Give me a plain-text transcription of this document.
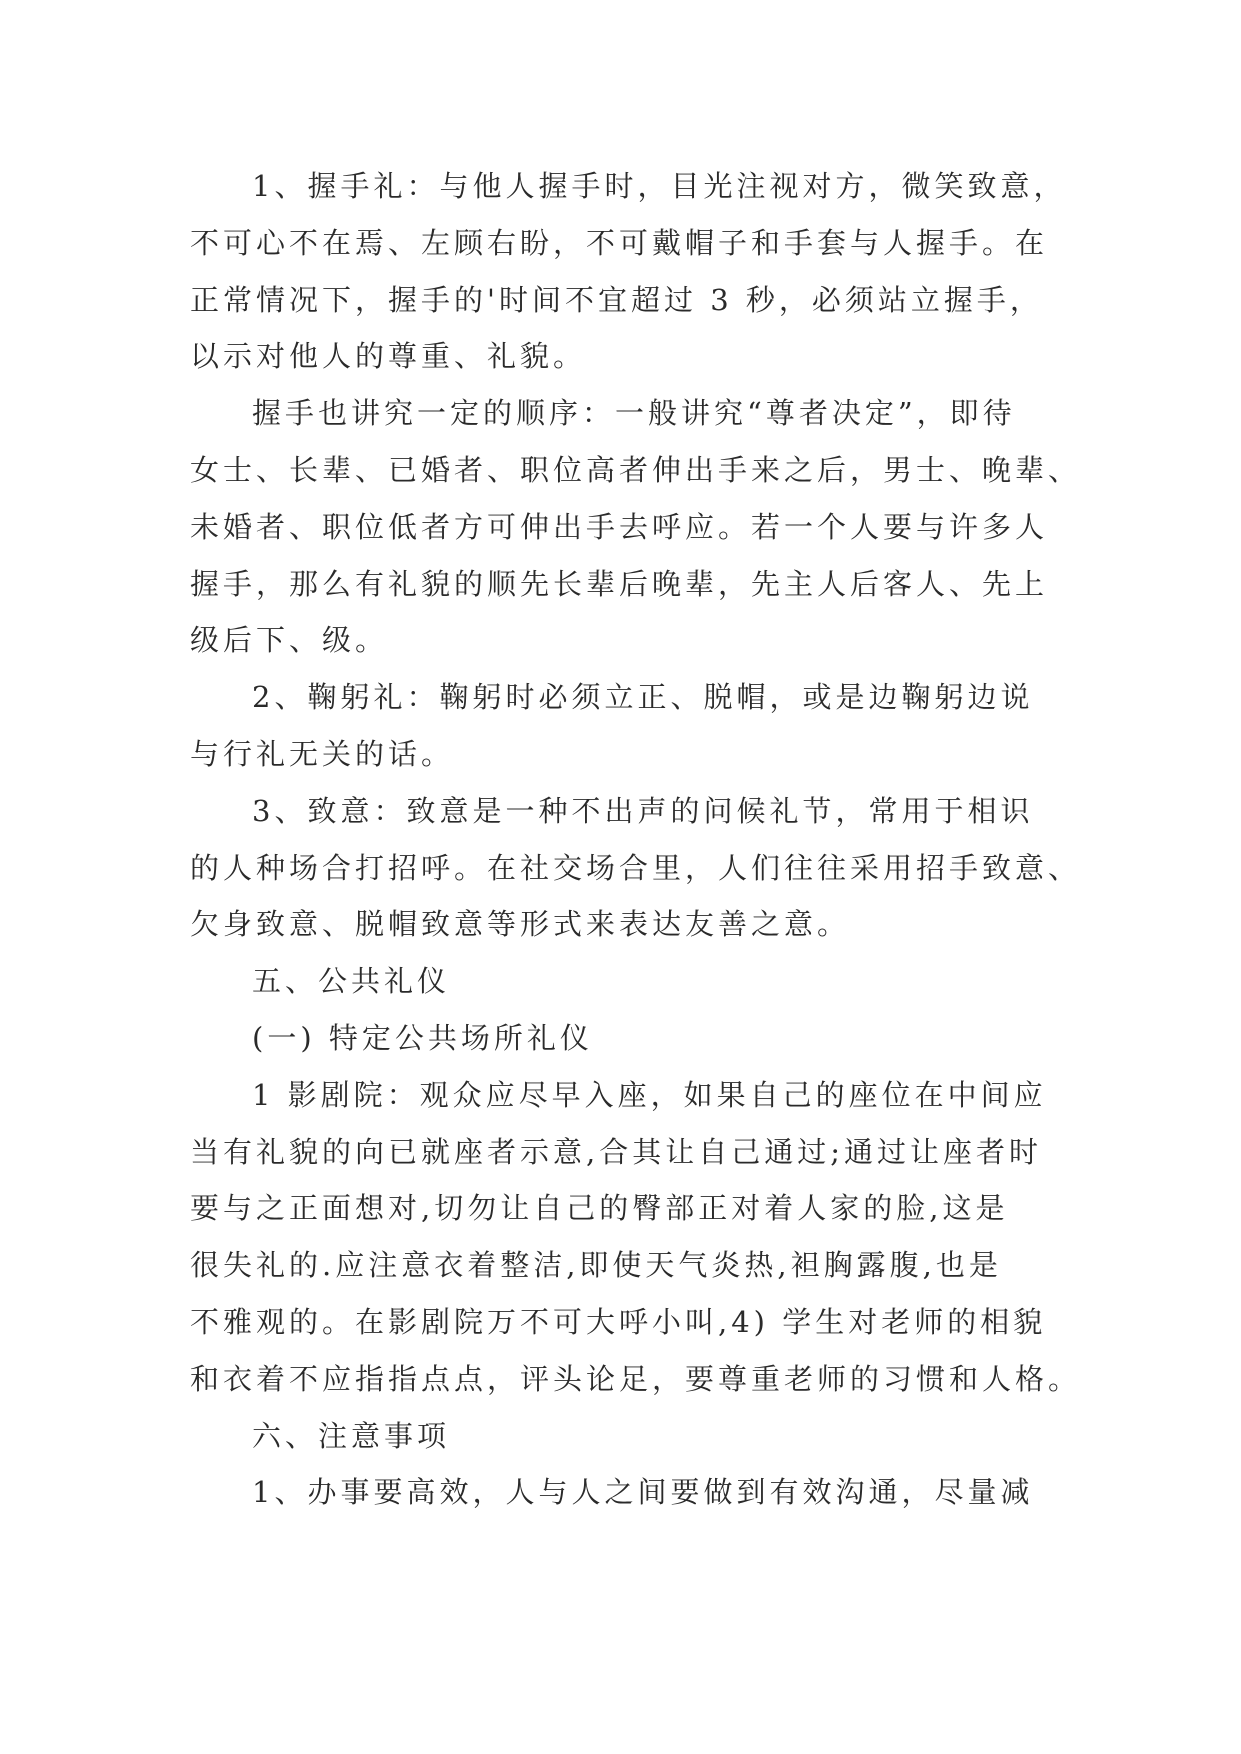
1、握手礼：与他人握手时，目光注视对方，微笑致意，
不可心不在焉、左顾右盼，不可戴帽子和手套与人握手。在
正常情况下，握手的'时间不宜超过 3 秒，必须站立握手，
以示对他人的尊重、礼貌。
握手也讲究一定的顺序：一般讲究“尊者决定”，即待
女士、长辈、已婚者、职位高者伸出手来之后，男士、晚辈、
未婚者、职位低者方可伸出手去呼应。若一个人要与许多人
握手，那么有礼貌的顺先长辈后晚辈，先主人后客人、先上
级后下、级。
2、鞠躬礼：鞠躬时必须立正、脱帽，或是边鞠躬边说
与行礼无关的话。
3、致意：致意是一种不出声的问候礼节，常用于相识
的人种场合打招呼。在社交场合里，人们往往采用招手致意、
欠身致意、脱帽致意等形式来表达友善之意。
五、公共礼仪
(一) 特定公共场所礼仪
1 影剧院：观众应尽早入座，如果自己的座位在中间应
当有礼貌的向已就座者示意,合其让自己通过;通过让座者时
要与之正面想对,切勿让自己的臀部正对着人家的脸,这是
很失礼的.应注意衣着整洁,即使天气炎热,袒胸露腹,也是
不雅观的。在影剧院万不可大呼小叫,4) 学生对老师的相貌
和衣着不应指指点点，评头论足，要尊重老师的习惯和人格。
六、注意事项
1、办事要高效，人与人之间要做到有效沟通，尽量减
